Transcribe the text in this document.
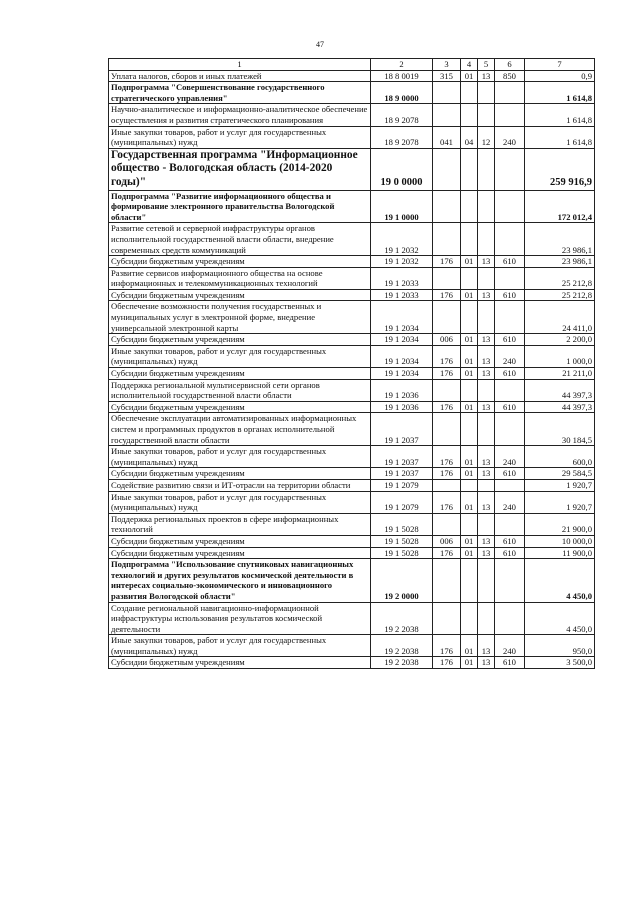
47
1	2	3	4	5	6	7
Уплата налогов, сборов и иных платежей	18 8 0019	315	01	13	850	0,9
Подпрограмма "Совершенствование государственного стратегического управления"	18 9 0000					1 614,8
Научно-аналитическое и информационно-аналитическое обеспечение осуществления и развития стратегического планирования	18 9 2078					1 614,8
Иные закупки товаров, работ и услуг для государственных (муниципальных) нужд	18 9 2078	041	04	12	240	1 614,8
Государственная программа "Информационное общество - Вологодская область (2014-2020 годы)"	19 0 0000					259 916,9
Подпрограмма "Развитие информационного общества и формирование электронного правительства Вологодской области"	19 1 0000					172 012,4
Развитие сетевой и серверной инфраструктуры органов исполнительной государственной власти области, внедрение современных средств коммуникаций	19 1 2032					23 986,1
Субсидии бюджетным учреждениям	19 1 2032	176	01	13	610	23 986,1
Развитие сервисов информационного общества на основе информационных и телекоммуникационных технологий	19 1 2033					25 212,8
Субсидии бюджетным учреждениям	19 1 2033	176	01	13	610	25 212,8
Обеспечение возможности получения государственных и муниципальных услуг в электронной форме, внедрение универсальной электронной карты	19 1 2034					24 411,0
Субсидии бюджетным учреждениям	19 1 2034	006	01	13	610	2 200,0
Иные закупки товаров, работ и услуг для государственных (муниципальных) нужд	19 1 2034	176	01	13	240	1 000,0
Субсидии бюджетным учреждениям	19 1 2034	176	01	13	610	21 211,0
Поддержка региональной мультисервисной сети органов исполнительной государственной власти области	19 1 2036					44 397,3
Субсидии бюджетным учреждениям	19 1 2036	176	01	13	610	44 397,3
Обеспечение эксплуатации автоматизированных информационных систем и программных продуктов в органах исполнительной государственной власти области	19 1 2037					30 184,5
Иные закупки товаров, работ и услуг для государственных (муниципальных) нужд	19 1 2037	176	01	13	240	600,0
Субсидии бюджетным учреждениям	19 1 2037	176	01	13	610	29 584,5
Содействие развитию связи и ИТ-отрасли на территории области	19 1 2079					1 920,7
Иные закупки товаров, работ и услуг для государственных (муниципальных) нужд	19 1 2079	176	01	13	240	1 920,7
Поддержка региональных проектов в сфере информационных технологий	19 1 5028					21 900,0
Субсидии бюджетным учреждениям	19 1 5028	006	01	13	610	10 000,0
Субсидии бюджетным учреждениям	19 1 5028	176	01	13	610	11 900,0
Подпрограмма "Использование спутниковых навигационных технологий и других результатов космической деятельности в интересах социально-экономического и инновационного развития Вологодской области"	19 2 0000					4 450,0
Создание региональной навигационно-информационной инфраструктуры использования результатов космической деятельности	19 2 2038					4 450,0
Иные закупки товаров, работ и услуг для государственных (муниципальных) нужд	19 2 2038	176	01	13	240	950,0
Субсидии бюджетным учреждениям	19 2 2038	176	01	13	610	3 500,0
